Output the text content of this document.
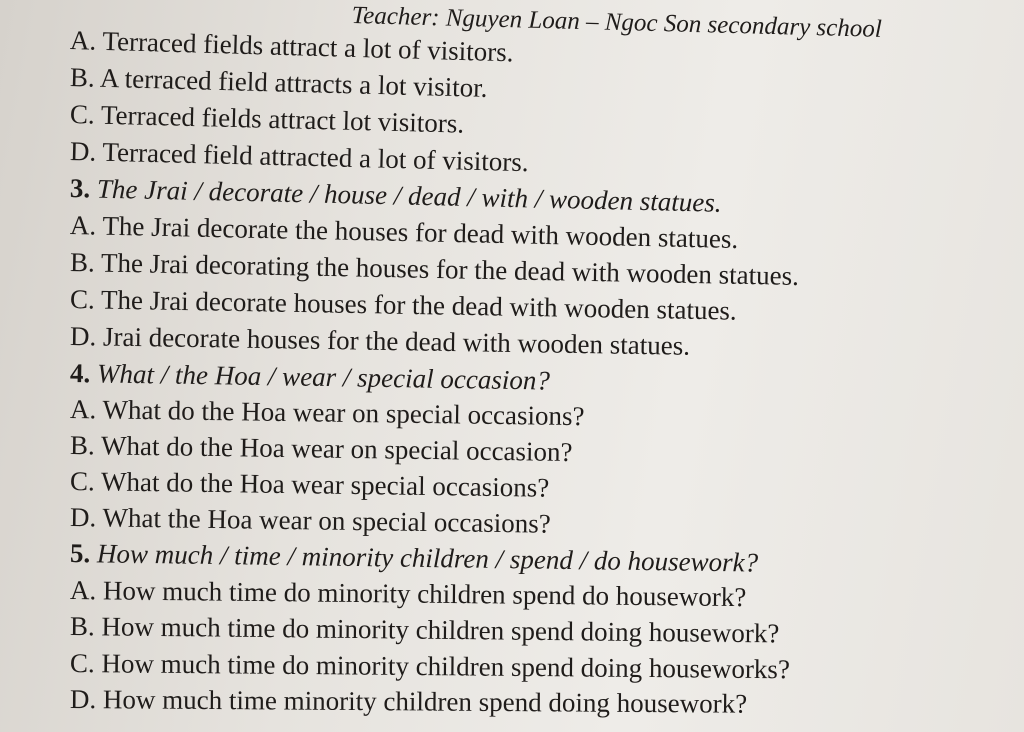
Teacher: Nguyen Loan – Ngoc Son secondary school
A. Terraced fields attract a lot of visitors.
B. A terraced field attracts a lot visitor.
C. Terraced fields attract lot visitors.
D. Terraced field attracted a lot of visitors.
3. The Jrai / decorate / house / dead / with / wooden statues.
A. The Jrai decorate the houses for dead with wooden statues.
B. The Jrai decorating the houses for the dead with wooden statues.
C. The Jrai decorate houses for the dead with wooden statues.
D. Jrai decorate houses for the dead with wooden statues.
4. What / the Hoa / wear / special occasion?
A. What do the Hoa wear on special occasions?
B. What do the Hoa wear on special occasion?
C. What do the Hoa wear special occasions?
D. What the Hoa wear on special occasions?
5. How much / time / minority children / spend / do housework?
A. How much time do minority children spend do housework?
B. How much time do minority children spend doing housework?
C. How much time do minority children spend doing houseworks?
D. How much time minority children spend doing housework?
